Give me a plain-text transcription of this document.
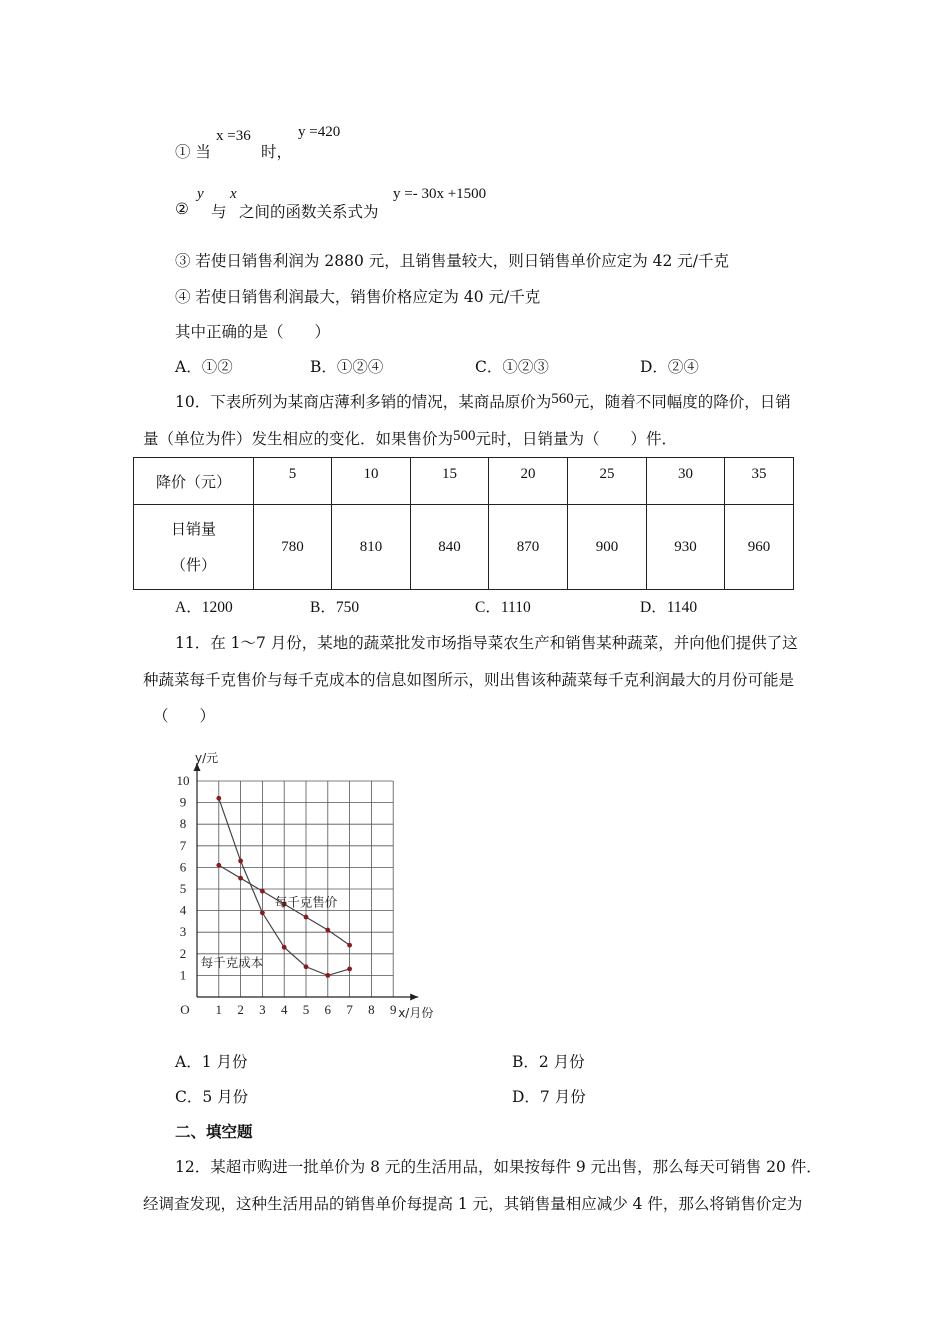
① 当
x =36
时，
y =420
②
y
与
x
之间的函数关系式为
y =- 30x +1500
③ 若使日销售利润为 2880 元，且销售量较大，则日销售单价应定为 42 元/千克
④ 若使日销售利润最大，销售价格应定为 40 元/千克
其中正确的是（　　）
A．①②	B．①②④	C．①②③	D．②④
10．下表所列为某商店薄利多销的情况，某商品原价为560元，随着不同幅度的降价，日销
量（单位为件）发生相应的变化．如果售价为500元时，日销量为（　　）件．
降价（元）	5	10	15	20	25	30	35

日销量
（件）	780	810	840	870	900	930	960
A．1200	B．750	C．1110	D．1140
11．在 1～7 月份，某地的蔬菜批发市场指导菜农生产和销售某种蔬菜，并向他们提供了这
种蔬菜每千克售价与每千克成本的信息如图所示，则出售该种蔬菜每千克利润最大的月份可能是
（　　）
1 2 3 4 5 6 7 8 9
1
2
3
4
5
6
7
8
9
10
O	x/月份
y/元
每千克售价
每千克成本
A．1 月份	B．2 月份
C．5 月份	D．7 月份
二、填空题
12．某超市购进一批单价为 8 元的生活用品，如果按每件 9 元出售，那么每天可销售 20 件．
经调查发现，这种生活用品的销售单价每提高 1 元，其销售量相应减少 4 件，那么将销售价定为
